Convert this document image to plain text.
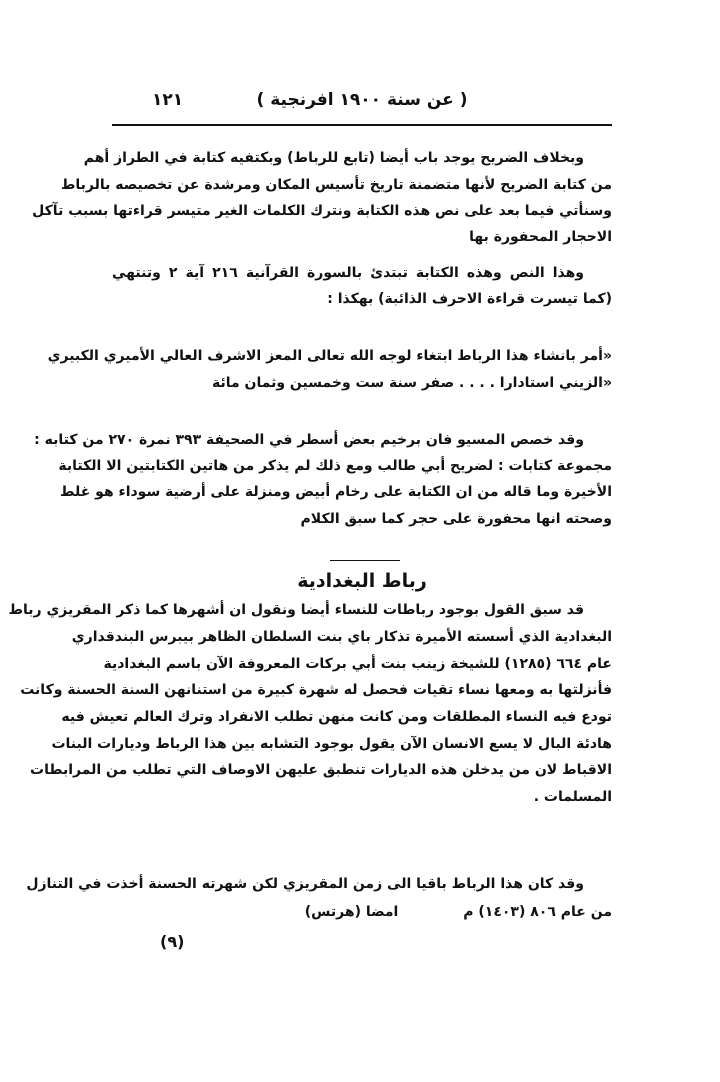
( عن سنة ١٩٠٠ افرنجية )
١٢١
وبخلاف الضريح يوجد باب أيضا (تابع للرباط) وبكتفيه كتابة في الطراز أهم
من كتابة الضريح لأنها متضمنة تاريخ تأسيس المكان ومرشدة عن تخصيصه بالرباط
وسنأتي فيما بعد على نص هذه الكتابة ونترك الكلمات الغير متيسر قراءتها بسبب تآكل
الاحجار المحفورة بها
وهذا النص وهذه الكتابة تبتدئ بالسورة القرآنية ٢١٦ آية ٢ وتنتهي
(كما تيسرت قراءة الاحرف الذائبة) بهكذا :
«أمر بانشاء هذا الرباط ابتغاء لوجه الله تعالى المعز الاشرف العالي الأميري الكبيري
«الزيني استادارا . . . . صفر سنة ست وخمسين وثمان مائة
وقد خصص المسيو فان برخيم بعض أسطر في الصحيفة ٣٩٣ نمرة ٢٧٠ من كتابه :
مجموعة كتابات : لضريح أبي طالب ومع ذلك لم يذكر من هاتين الكتابتين الا الكتابة
الأخيرة وما قاله من ان الكتابة على رخام أبيض ومنزلة على أرضية سوداء هو غلط
وصحته انها محفورة على حجر كما سبق الكلام
رباط البغدادية
قد سبق القول بوجود رباطات للنساء أيضا ونقول ان أشهرها كما ذكر المقريزي رباط
البغدادية الذي أسسته الأميرة تذكار باي بنت السلطان الظاهر بيبرس البندقداري
عام ٦٦٤ (١٢٨٥) للشيخة زينب بنت أبي بركات المعروفة الآن باسم البغدادية
فأنزلتها به ومعها نساء تقيات فحصل له شهرة كبيرة من استنانهن السنة الحسنة وكانت
تودع فيه النساء المطلقات ومن كانت منهن تطلب الانفراد وترك العالم تعيش فيه
هادئة البال لا يسع الانسان الآن يقول بوجود التشابه بين هذا الرباط وديارات البنات
الاقباط لان من يدخلن هذه الديارات تنطبق عليهن الاوصاف التي تطلب من المرابطات
المسلمات .
وقد كان هذا الرباط باقيا الى زمن المقريزي لكن شهرته الحسنة أخذت في التنازل
من عام ٨٠٦ (١٤٠٣) م امضا (هرتس)
(٩)
